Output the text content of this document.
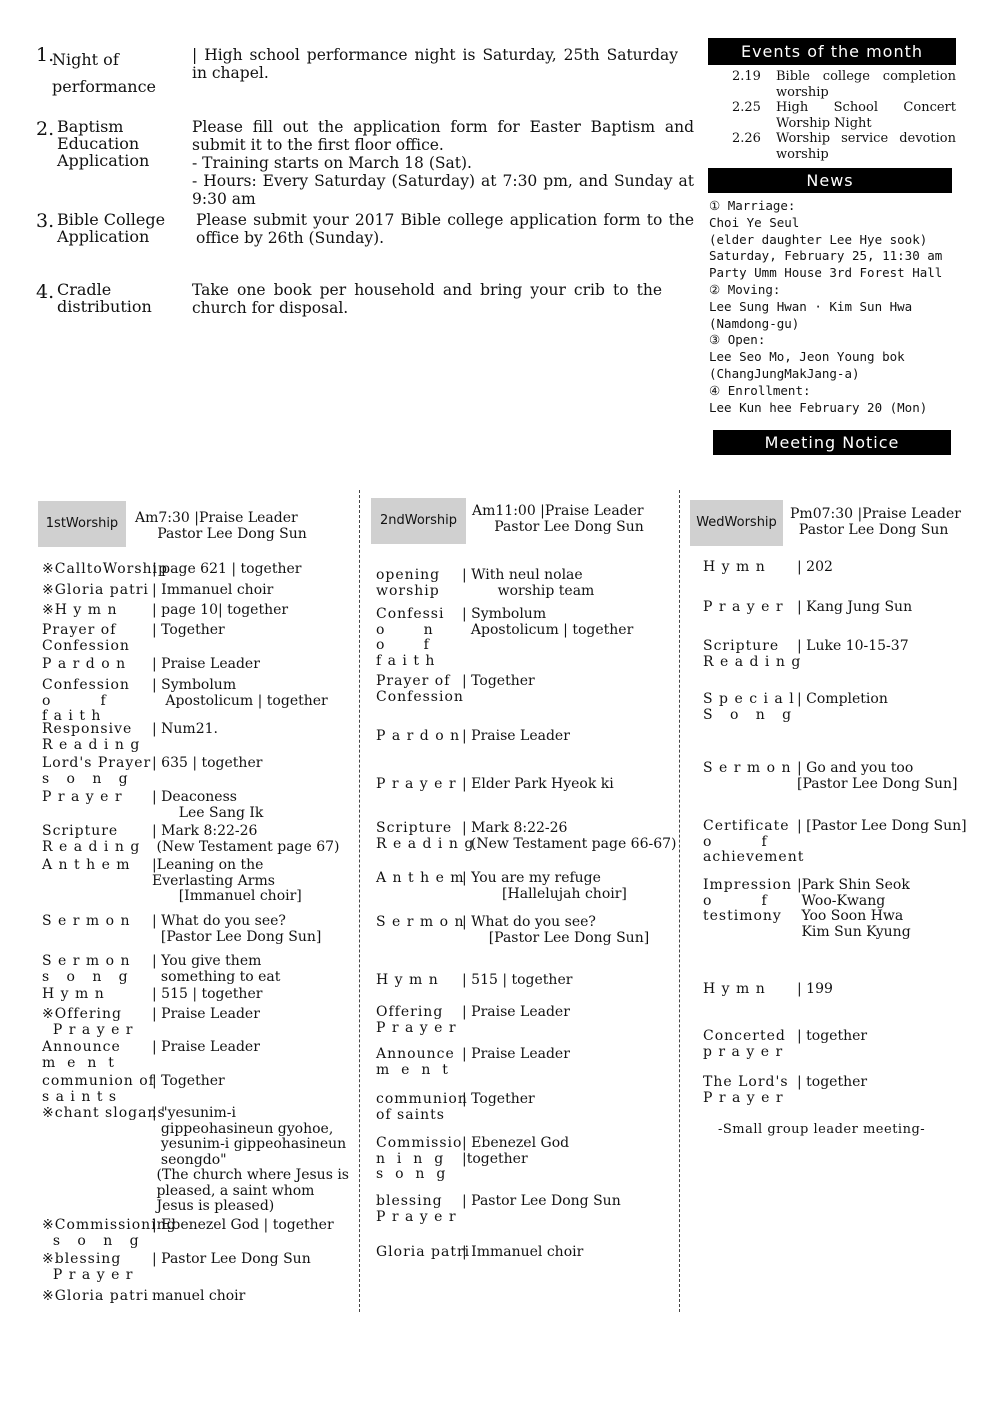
1.
Night of
performance
| High school performance night is Saturday, 25th Saturday in chapel.
2. Baptism
Education
Application
Please fill out the application form for Easter Baptism and submit it to the first floor office.
- Training starts on March 18 (Sat).
- Hours: Every Saturday (Saturday) at 7:30 pm, and Sunday at 9:30 am
3. Bible College
Application
Please submit your 2017 Bible college application form to the office by 26th (Sunday).
4. Cradle
distribution
Take one book per household and bring your crib to the church for disposal.
Events of the month
2.19	Bible college completion worship
2.25	High School Concert Worship Night
2.26	Worship service devotion worship
News
① Marriage:
Choi Ye Seul
(elder daughter Lee Hye sook)
Saturday, February 25, 11:30 am
Party Umm House 3rd Forest Hall
② Moving:
Lee Sung Hwan · Kim Sun Hwa
(Namdong-gu)
③ Open:
Lee Seo Mo, Jeon Young bok
(ChangJungMakJang-a)
④ Enrollment:
Lee Kun hee February 20 (Mon)
Meeting Notice
1stWorship	Am7:30 |Praise Leader
Pastor Lee Dong Sun
※CalltoWorship
| page 621 | together
※Gloria patri | Immanuel choir
※H y m n	| page 10| together
Prayer of
Confession
| Together
P a r d o n	| Praise Leader
Confession
o         f
f a i t h
| Symbolum
Apostolicum | together
Responsive
R e a d i n g
| Num21.
Lord's Prayer
s   o   n   g
| 635 | together
P r a y e r	| Deaconess
Lee Sang Ik
Scripture
R e a d i n g
| Mark 8:22-26
(New Testament page 67)
A n t h e m	|Leaning on the
Everlasting Arms
[Immanuel choir]
S e r m o n	| What do you see?
[Pastor Lee Dong Sun]
S e r m o n
s   o   n   g
| You give them
something to eat
H y m n	| 515 | together
※Offering
P r a y e r
| Praise Leader
Announce
m  e  n  t
| Praise Leader
communion of
s a i n t s
| Together
※chant slogans
| "yesunim-i
gippeohasineun gyohoe,
yesunim-i gippeohasineun
seongdo"
(The church where Jesus is
pleased, a saint whom
Jesus is pleased)
※Commissioning
s   o   n   g
| Ebenezel God | together
※blessing
P r a y e r
| Pastor Lee Dong Sun
※Gloria patri manuel choir
2ndWorship
Am11:00 |Praise Leader
Pastor Lee Dong Sun
opening
worship
| With neul nolae
worship team
Confessi
o       n
o       f
f a i t h
| Symbolum
Apostolicum | together
Prayer of
Confession
| Together
P a r d o n | Praise Leader
P r a y e r | Elder Park Hyeok ki
Scripture
R e a d i n g
| Mark 8:22-26
(New Testament page 66-67)
A n t h e m
| You are my refuge
[Hallelujah choir]
S e r m o n
| What do you see?
[Pastor Lee Dong Sun]
H y m n	| 515 | together
Offering
P r a y e r
| Praise Leader
Announce
m  e  n  t
| Praise Leader
communion
of saints
| Together
Commissio
n  i  n  g
s  o  n  g
| Ebenezel God
|together
blessing
P r a y e r
| Pastor Lee Dong Sun
Gloria patri
| Immanuel choir
WedWorship
Pm07:30 |Praise Leader
Pastor Lee Dong Sun
H y m n	| 202
P r a y e r | Kang Jung Sun
Scripture
R e a d i n g
| Luke 10-15-37
S p e c i a l
S   o   n   g
| Completion
S e r m o n | Go and you too
[Pastor Lee Dong Sun]
Certificate
o         f
achievement
| [Pastor Lee Dong Sun]
Impression
o         f
testimony
|Park Shin Seok
Woo-Kwang
Yoo Soon Hwa
Kim Sun Kyung
H y m n	| 199
Concerted
p r a y e r
| together
The Lord's
P r a y e r
| together
-Small group leader meeting-
